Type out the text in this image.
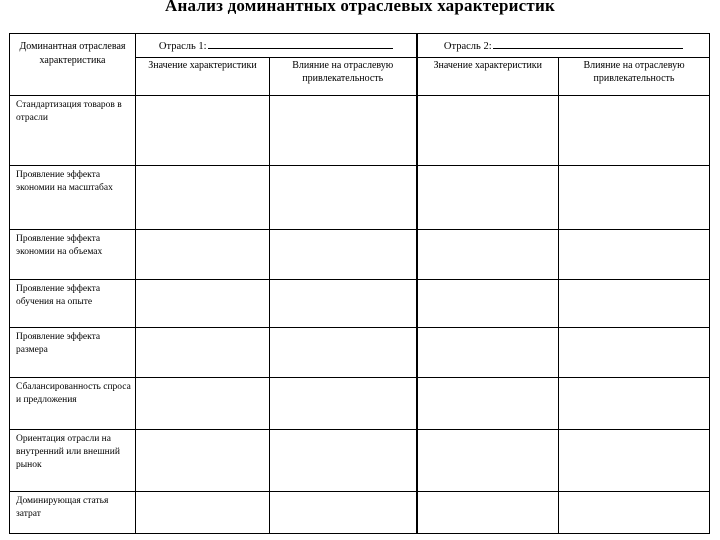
Анализ доминантных отраслевых характеристик
Доминантная отраслевая характеристика	Отрасль 1:		Отрасль 2:	
	Значение характеристики	Влияние на отраслевую привлекательность	Значение характеристики	Влияние на отраслевую привлекательность
Стандартизация товаров в отрасли				
Проявление эффекта экономии на масштабах				
Проявление эффекта экономии на объемах				
Проявление эффекта обучения на опыте				
Проявление эффекта размера				
Сбалансированность спроса и предложения				
Ориентация отрасли на внутренний или внешний рынок				
Доминирующая статья затрат				
